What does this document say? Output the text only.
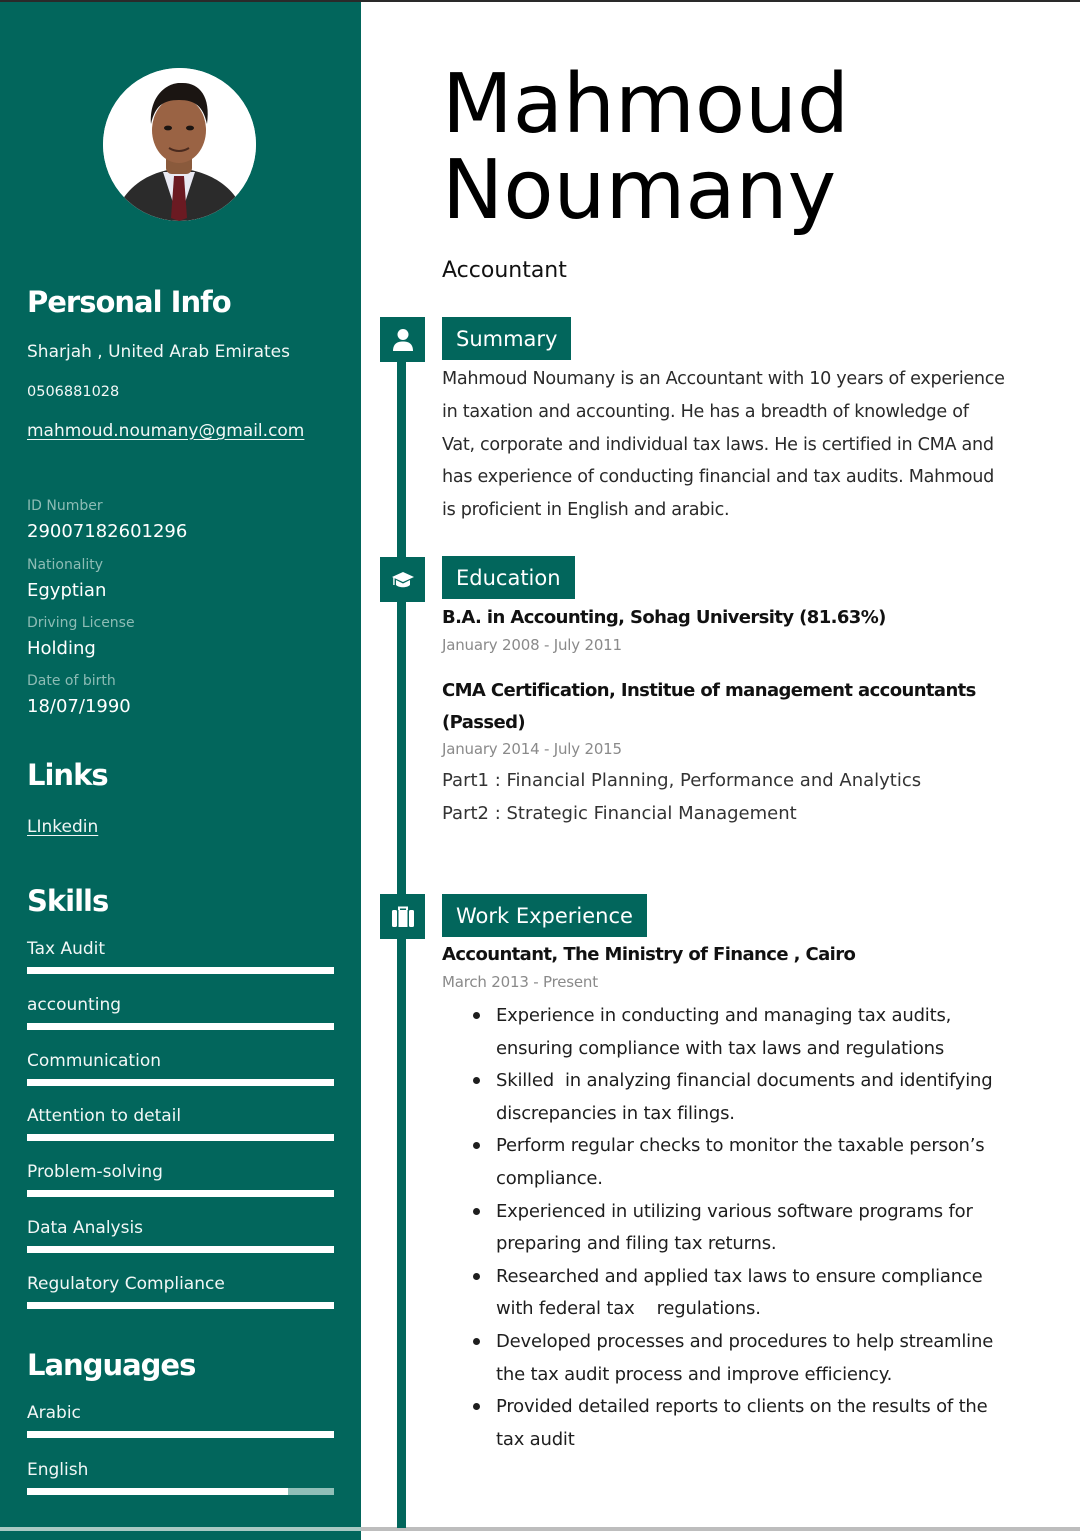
Personal Info
Sharjah , United Arab Emirates
0506881028
mahmoud.noumany@gmail.com
ID Number
29007182601296
Nationality
Egyptian
Driving License
Holding
Date of birth
18/07/1990
Links
LInkedin
Skills
Tax Audit
accounting
Communication
Attention to detail
Problem-solving
Data Analysis
Regulatory Compliance
Languages
Arabic
English
Mahmoud
Noumany
Accountant
Summary

Mahmoud Noumany is an Accountant with 10 years of experience in taxation and accounting. He has a breadth of knowledge of    Vat, corporate and individual tax laws. He is certified in CMA and has experience of conducting financial and tax audits. Mahmoud is proficient in English and arabic.

Education
B.A. in Accounting, Sohag University (81.63%)
January 2008 - July 2011
CMA Certification, Institue of management accountants (Passed)
January 2014 - July 2015
Part1 : Financial Planning, Performance and Analytics
Part2 : Strategic Financial Management
Work Experience
Accountant, The Ministry of Finance , Cairo
March 2013 - Present
Experience in conducting and managing tax audits, ensuring compliance with tax laws and regulations
Skilled  in analyzing financial documents and identifying discrepancies in tax filings.
Perform regular checks to monitor the taxable person’s compliance.
Experienced in utilizing various software programs for preparing and filing tax returns.
Researched and applied tax laws to ensure compliance with federal tax    regulations.
Developed processes and procedures to help streamline the tax audit process and improve efficiency.
Provided detailed reports to clients on the results of the tax audit
